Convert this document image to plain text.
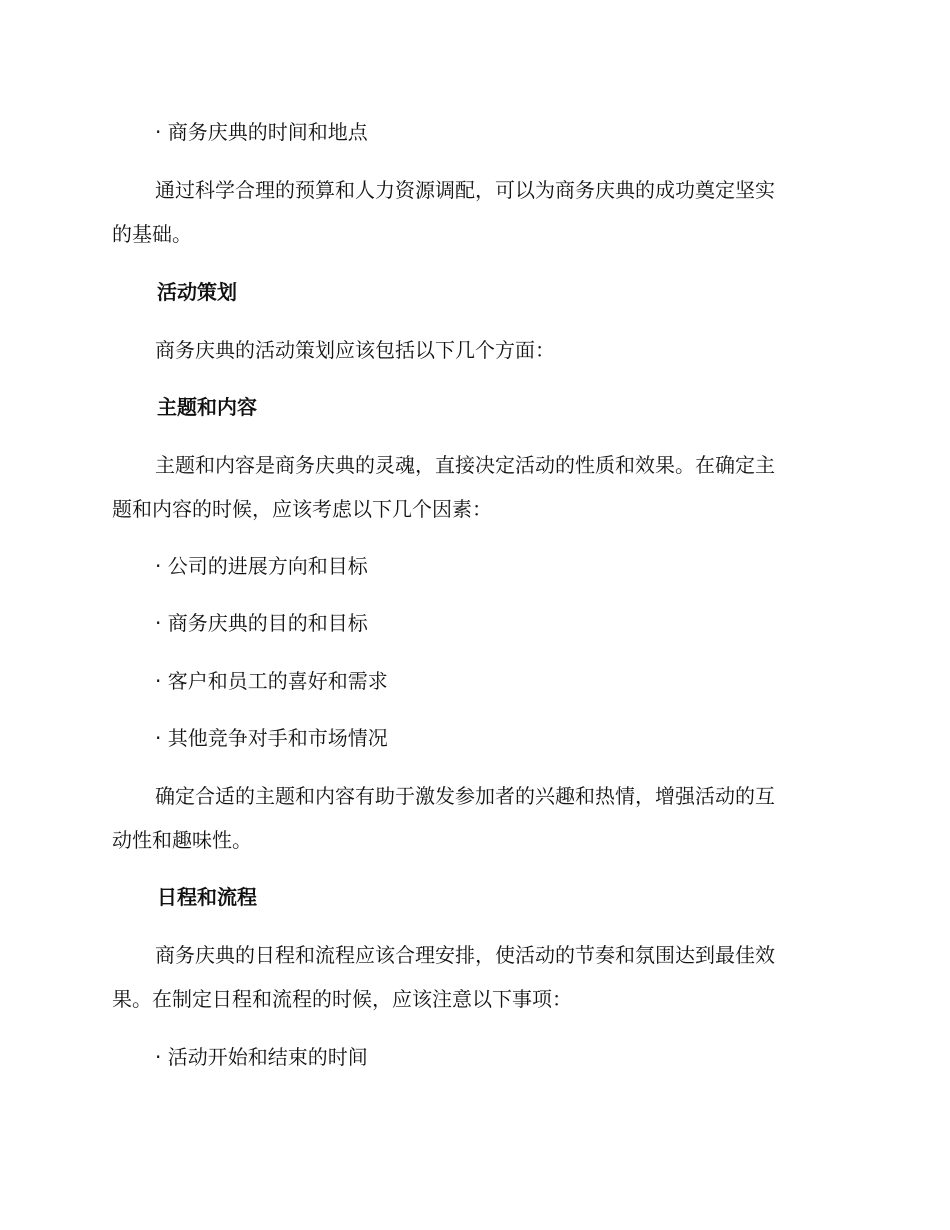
· 商务庆典的时间和地点

通过科学合理的预算和人力资源调配，可以为商务庆典的成功奠定坚实

的基础。

活动策划

商务庆典的活动策划应该包括以下几个方面：

主题和内容

主题和内容是商务庆典的灵魂，直接决定活动的性质和效果。在确定主

题和内容的时候，应该考虑以下几个因素：

· 公司的进展方向和目标

· 商务庆典的目的和目标

· 客户和员工的喜好和需求

· 其他竞争对手和市场情况

确定合适的主题和内容有助于激发参加者的兴趣和热情，增强活动的互

动性和趣味性。

日程和流程

商务庆典的日程和流程应该合理安排，使活动的节奏和氛围达到最佳效

果。在制定日程和流程的时候，应该注意以下事项：

· 活动开始和结束的时间
